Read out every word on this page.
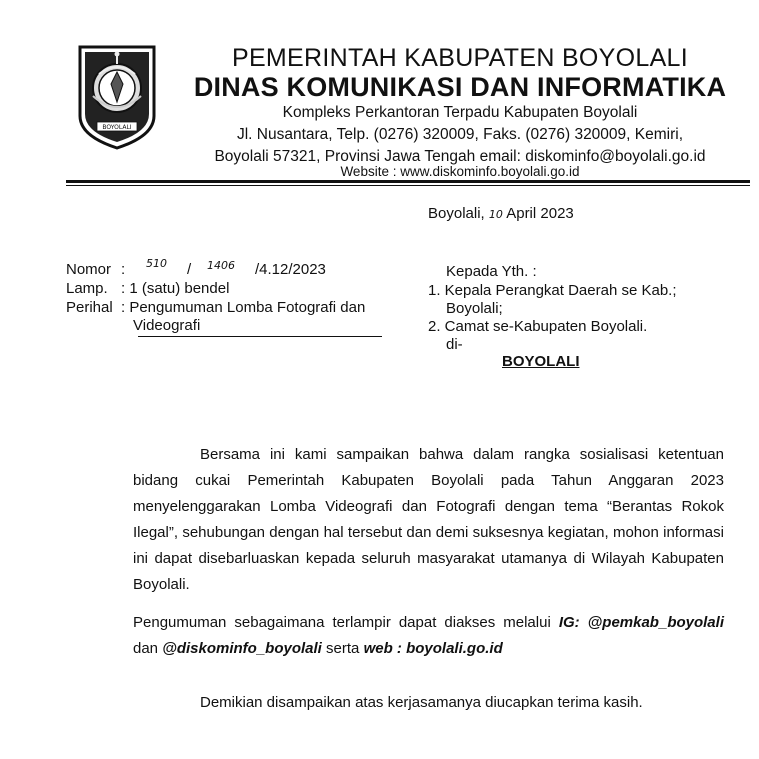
BOYOLALI
PEMERINTAH KABUPATEN BOYOLALI
DINAS KOMUNIKASI DAN INFORMATIKA
Kompleks Perkantoran Terpadu Kabupaten Boyolali
Jl. Nusantara, Telp. (0276) 320009, Faks. (0276) 320009, Kemiri,
Boyolali 57321, Provinsi Jawa Tengah email: diskominfo@boyolali.go.id
Website : www.diskominfo.boyolali.go.id
Boyolali, 10 April 2023
Nomor : 510 / 1406 /4.12/2023
Lamp. : 1 (satu) bendel
Perihal : Pengumuman Lomba Fotografi dan
Videografi
Kepada Yth. :
1. Kepala Perangkat Daerah se Kab.;
Boyolali;
2. Camat se-Kabupaten Boyolali.
di-
BOYOLALI
Bersama ini kami sampaikan bahwa dalam rangka sosialisasi ketentuan bidang cukai Pemerintah Kabupaten Boyolali pada Tahun Anggaran 2023 menyelenggarakan Lomba Videografi dan Fotografi dengan tema “Berantas Rokok Ilegal”, sehubungan dengan hal tersebut dan demi suksesnya kegiatan, mohon informasi ini dapat disebarluaskan kepada seluruh masyarakat utamanya di Wilayah Kabupaten Boyolali.
Pengumuman sebagaimana terlampir dapat diakses melalui IG: @pemkab_boyolali dan @diskominfo_boyolali serta web : boyolali.go.id
Demikian disampaikan atas kerjasamanya diucapkan terima kasih.
